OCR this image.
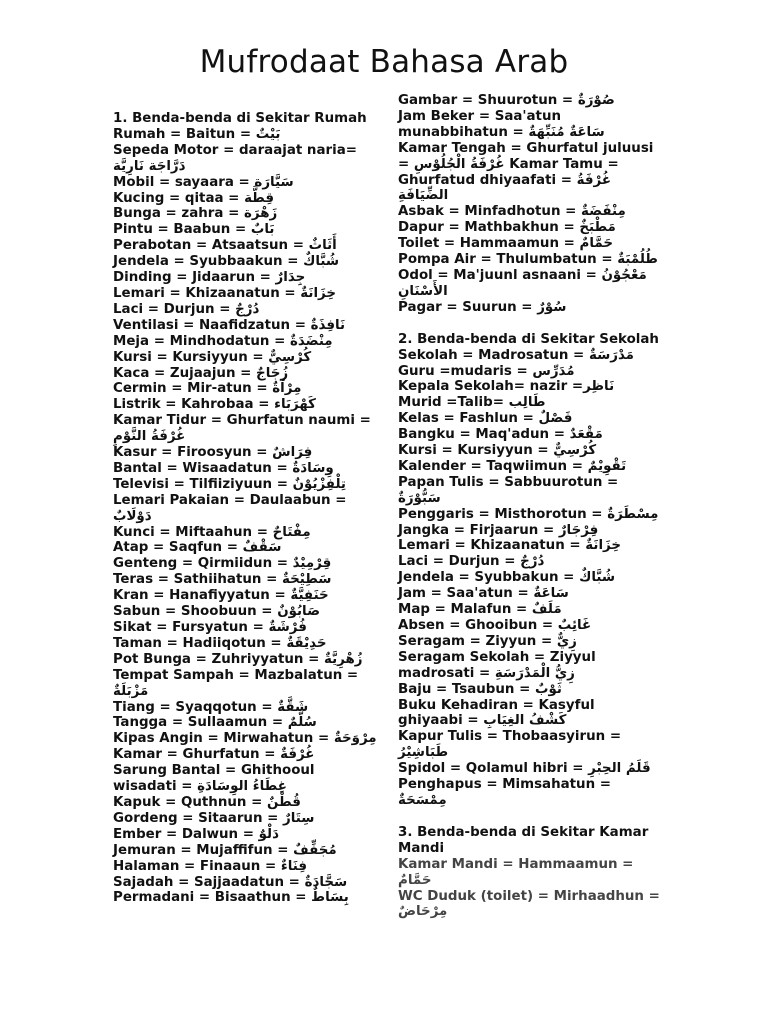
Mufrodaat Bahasa Arab
1. Benda-benda di Sekitar Rumah
Rumah = Baitun = بَيْتٌ
Sepeda Motor = daraajat naria= دَرَّاجَة نَارِيَّة
Mobil = sayaara = سَيَّارَة
Kucing = qitaa = قِطَّة
Bunga = zahra = زَهْرَة
Pintu = Baabun = بَابٌ
Perabotan = Atsaatsun = أَثَاثٌ
Jendela = Syubbaakun = شُبَّاكٌ
Dinding = Jidaarun = جِدَارٌ
Lemari = Khizaanatun = خِزَانَةٌ
Laci = Durjun = دُرْجٌ
Ventilasi = Naafidzatun = نَافِذَةٌ
Meja = Mindhodatun = مِنْضَدَةٌ
Kursi = Kursiyyun = كُرْسِيٌّ
Kaca = Zujaajun = زُجَاجٌ
Cermin = Mir-atun = مِرْآةٌ
Listrik = Kahrobaa = كَهْرَبَاء
Kamar Tidur = Ghurfatun naumi = غُرْفَةُ النَّوْمِ
Kasur = Firoosyun = فِرَاشٌ
Bantal = Wisaadatun = وِسَادَةٌ
Televisi = Tilfiiziyuun = تِلْفِزْيُوْنٌ
Lemari Pakaian = Daulaabun = دَوْلَابٌ
Kunci = Miftaahun = مِفْتَاحٌ
Atap = Saqfun = سَقْفٌ
Genteng = Qirmiidun = قِرْمِيْدٌ
Teras = Sathiihatun = سَطِيْحَةٌ
Kran = Hanafiyyatun = حَنَفِيَّةٌ
Sabun = Shoobuun = صَابُوْنٌ
Sikat = Fursyatun = فُرْشَةٌ
Taman = Hadiiqotun = حَدِيْقَةٌ
Pot Bunga = Zuhriyyatun = زُهْرِيَّةٌ
Tempat Sampah = Mazbalatun = مَزْبَلَةٌ
Tiang = Syaqqotun = شَقَّةٌ
Tangga = Sullaamun = سُلَّمٌ
Kipas Angin = Mirwahatun = مِرْوَحَةٌ
Kamar = Ghurfatun = غُرْفَةٌ
Sarung Bantal = Ghithooul wisadati = غِطَاءُ الوِسَادَةِ
Kapuk = Quthnun = قُطْنٌ
Gordeng = Sitaarun = سِتَارٌ
Ember = Dalwun = دَلْوٌ
Jemuran = Mujaffifun = مُجَفِّفٌ
Halaman = Finaaun = فِنَاءٌ
Sajadah = Sajjaadatun = سَجَّادَةٌ
Permadani = Bisaathun = بِسَاطٌ
Gambar = Shuurotun = صُوْرَةٌ
Jam Beker = Saa'atun munabbihatun = سَاعَةٌ مُنَبِّهَةٌ
Kamar Tengah = Ghurfatul juluusi = غُرْفَةُ الْجُلُوْسِ Kamar Tamu = Ghurfatud dhiyaafati = غُرْفَةُ الضِّيَافَةِ
Asbak = Minfadhotun = مِنْفَضَةٌ
Dapur = Mathbakhun = مَطْبَخٌ
Toilet = Hammaamun = حَمَّامٌ
Pompa Air = Thulumbatun = طُلُمْبَةٌ
Odol = Ma'juunl asnaani = مَعْجُوْنُ الأَسْنَانِ
Pagar = Suurun = سُوْرٌ
2. Benda-benda di Sekitar Sekolah
Sekolah = Madrosatun = مَدْرَسَةٌ
Guru =mudaris = مُدَرِّس
Kepala Sekolah= nazir =نَاظِر
Murid =Talib= طَالِب
Kelas = Fashlun = فَصْلٌ
Bangku = Maq'adun = مَقْعَدٌ
Kursi = Kursiyyun = كُرْسِيٌّ
Kalender = Taqwiimun = تَقْوِيْمٌ
Papan Tulis = Sabbuurotun = سَبُّوْرَةٌ
Penggaris = Misthorotun = مِسْطَرَةٌ
Jangka = Firjaarun = فِرْجَارٌ
Lemari = Khizaanatun = خِزَانَةٌ
Laci = Durjun = دُرْجٌ
Jendela = Syubbakun = شُبَّاكٌ
Jam = Saa'atun = سَاعَةٌ
Map = Malafun = مَلَفٌ
Absen = Ghooibun = غَائِبٌ
Seragam = Ziyyun = زِيٌّ
Seragam Sekolah = Ziyyul madrosati = زِيُّ الْمَدْرَسَةِ
Baju = Tsaubun = ثَوْبٌ
Buku Kehadiran = Kasyful ghiyaabi = كَشْفُ الغِيَابِ
Kapur Tulis = Thobaasyirun = طَبَاشِيْرُ
Spidol = Qolamul hibri = قَلَمُ الحِبْرِ
Penghapus = Mimsahatun = مِمْسَحَةٌ
3. Benda-benda di Sekitar Kamar Mandi
Kamar Mandi = Hammaamun = حَمَّامٌ
WC Duduk (toilet) = Mirhaadhun = مِرْحَاضٌ
